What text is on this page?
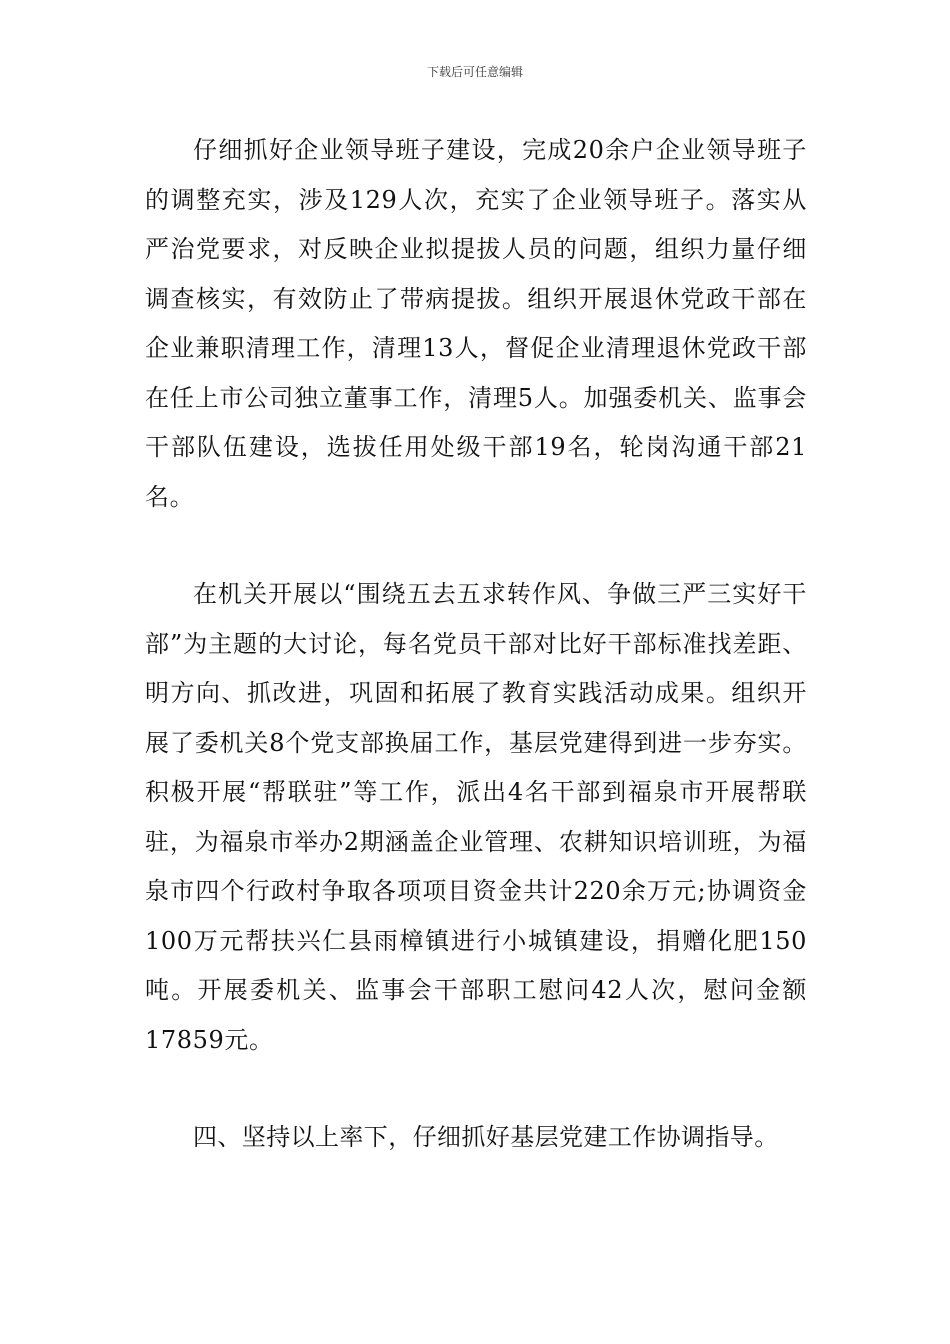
下载后可任意编辑

仔细抓好企业领导班子建设，完成20余户企业领导班子的调整充实，涉及129人次，充实了企业领导班子。落实从严治党要求，对反映企业拟提拔人员的问题，组织力量仔细调查核实，有效防止了带病提拔。组织开展退休党政干部在企业兼职清理工作，清理13人，督促企业清理退休党政干部在任上市公司独立董事工作，清理5人。加强委机关、监事会干部队伍建设，选拔任用处级干部19名，轮岗沟通干部21名。

在机关开展以“围绕五去五求转作风、争做三严三实好干部”为主题的大讨论，每名党员干部对比好干部标准找差距、明方向、抓改进，巩固和拓展了教育实践活动成果。组织开展了委机关8个党支部换届工作，基层党建得到进一步夯实。积极开展“帮联驻”等工作，派出4名干部到福泉市开展帮联驻，为福泉市举办2期涵盖企业管理、农耕知识培训班，为福泉市四个行政村争取各项项目资金共计220余万元;协调资金100万元帮扶兴仁县雨樟镇进行小城镇建设，捐赠化肥150吨。开展委机关、监事会干部职工慰问42人次，慰问金额17859元。

四、坚持以上率下，仔细抓好基层党建工作协调指导。
